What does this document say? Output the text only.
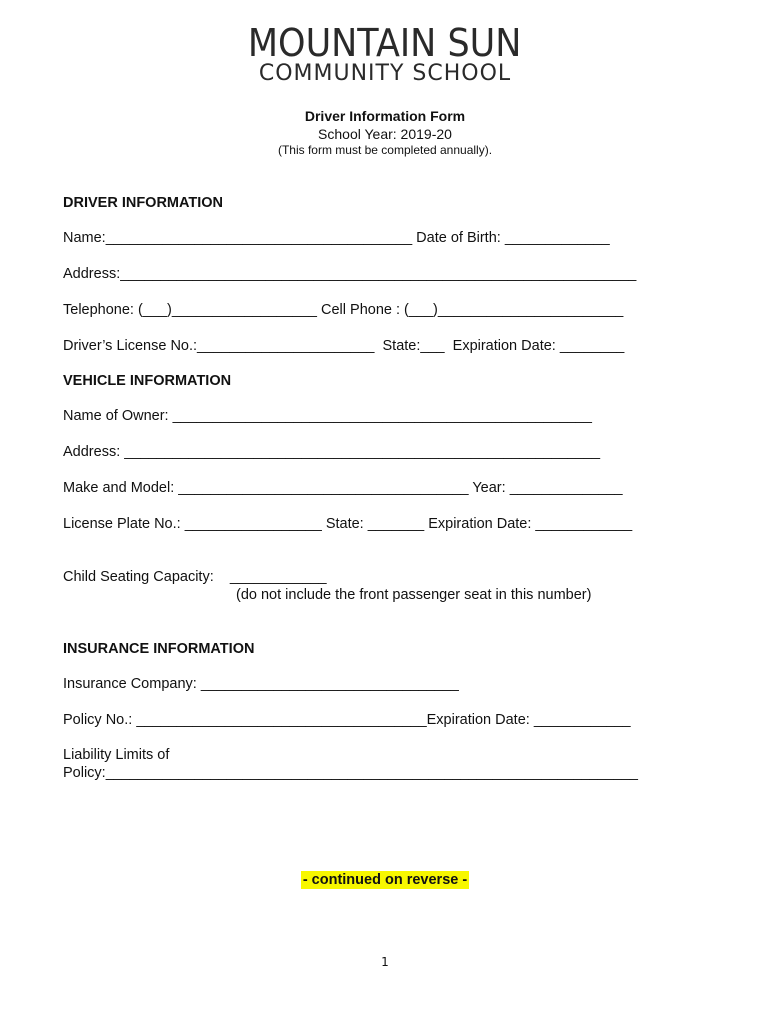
MOUNTAIN SUN
COMMUNITY SCHOOL
Driver Information Form
School Year: 2019-20
(This form must be completed annually).
DRIVER INFORMATION
Name:______________________________________ Date of Birth: _____________
Address:________________________________________________________________
Telephone: (___)__________________ Cell Phone : (___)_______________________
Driver’s License No.:______________________  State:___  Expiration Date: ________
VEHICLE INFORMATION
Name of Owner: ____________________________________________________
Address: ___________________________________________________________
Make and Model: ____________________________________ Year: ______________
License Plate No.: _________________ State: _______ Expiration Date: ____________
Child Seating Capacity:    ____________
(do not include the front passenger seat in this number)
INSURANCE INFORMATION
Insurance Company: ________________________________
Policy No.: ____________________________________Expiration Date: ____________
Liability Limits of
Policy:__________________________________________________________________
- continued on reverse -
1
